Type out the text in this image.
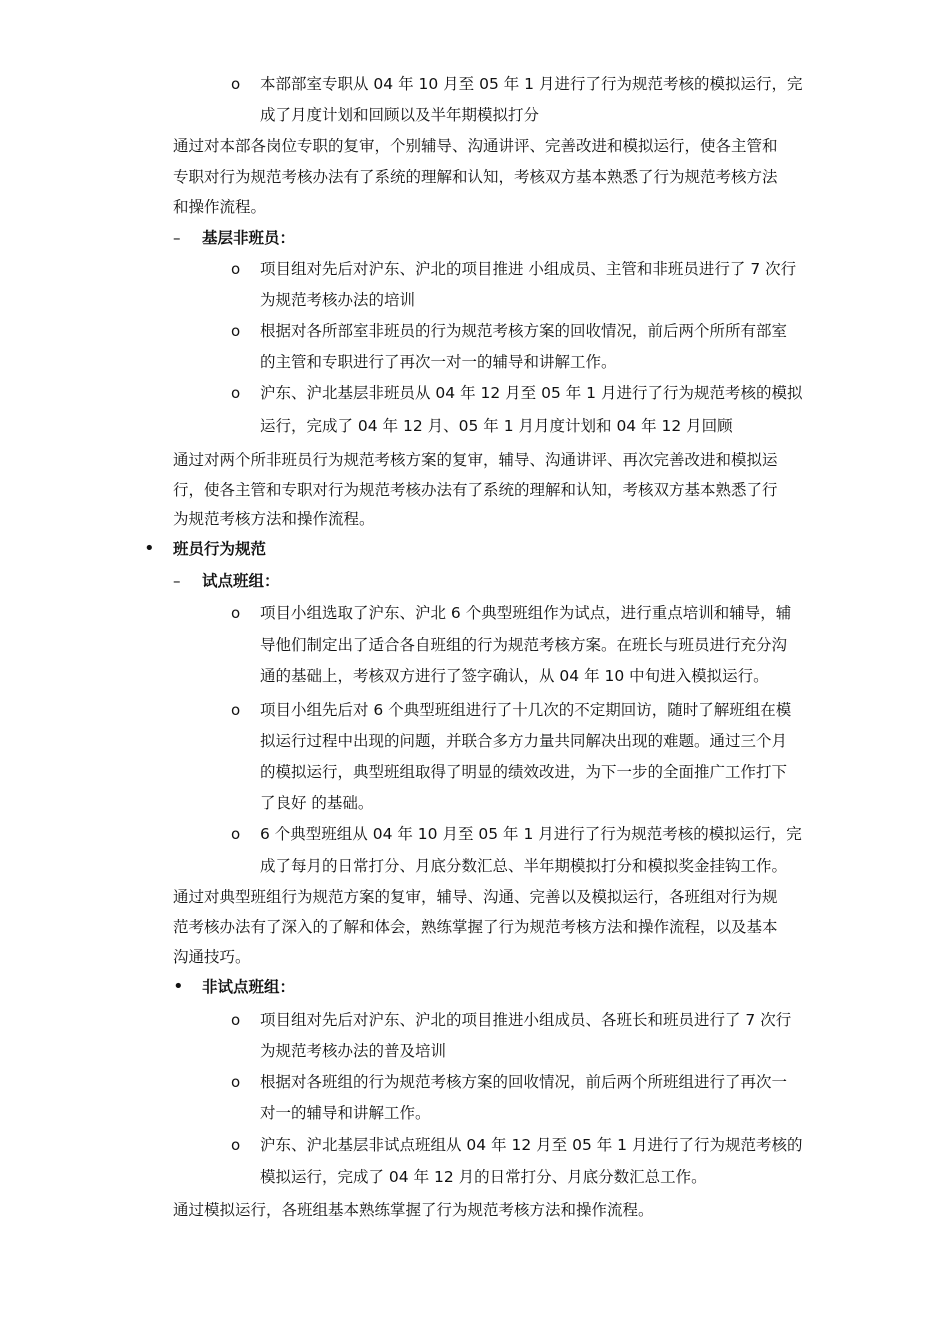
o 本部部室专职从 04 年 10 月至 05 年 1 月进行了行为规范考核的模拟运行，完
成了月度计划和回顾以及半年期模拟打分
通过对本部各岗位专职的复审，个别辅导、沟通讲评、完善改进和模拟运行，使各主管和
专职对行为规范考核办法有了系统的理解和认知，考核双方基本熟悉了行为规范考核方法
和操作流程。
– 基层非班员：
o 项目组对先后对沪东、沪北的项目推进 小组成员、主管和非班员进行了 7 次行
为规范考核办法的培训
o 根据对各所部室非班员的行为规范考核方案的回收情况，前后两个所所有部室
的主管和专职进行了再次一对一的辅导和讲解工作。
o 沪东、沪北基层非班员从 04 年 12 月至 05 年 1 月进行了行为规范考核的模拟
运行，完成了 04 年 12 月、05 年 1 月月度计划和 04 年 12 月回顾
通过对两个所非班员行为规范考核方案的复审，辅导、沟通讲评、再次完善改进和模拟运
行，使各主管和专职对行为规范考核办法有了系统的理解和认知，考核双方基本熟悉了行
为规范考核方法和操作流程。
• 班员行为规范
– 试点班组：
o 项目小组选取了沪东、沪北 6 个典型班组作为试点，进行重点培训和辅导，辅
导他们制定出了适合各自班组的行为规范考核方案。在班长与班员进行充分沟
通的基础上，考核双方进行了签字确认，从 04 年 10 中旬进入模拟运行。
o 项目小组先后对 6 个典型班组进行了十几次的不定期回访，随时了解班组在模
拟运行过程中出现的问题，并联合多方力量共同解决出现的难题。通过三个月
的模拟运行，典型班组取得了明显的绩效改进，为下一步的全面推广工作打下
了良好 的基础。
o 6 个典型班组从 04 年 10 月至 05 年 1 月进行了行为规范考核的模拟运行，完
成了每月的日常打分、月底分数汇总、半年期模拟打分和模拟奖金挂钩工作。
通过对典型班组行为规范方案的复审，辅导、沟通、完善以及模拟运行，各班组对行为规
范考核办法有了深入的了解和体会，熟练掌握了行为规范考核方法和操作流程，以及基本
沟通技巧。
• 非试点班组：
o 项目组对先后对沪东、沪北的项目推进小组成员、各班长和班员进行了 7 次行
为规范考核办法的普及培训
o 根据对各班组的行为规范考核方案的回收情况，前后两个所班组进行了再次一
对一的辅导和讲解工作。
o 沪东、沪北基层非试点班组从 04 年 12 月至 05 年 1 月进行了行为规范考核的
模拟运行，完成了 04 年 12 月的日常打分、月底分数汇总工作。
通过模拟运行，各班组基本熟练掌握了行为规范考核方法和操作流程。
